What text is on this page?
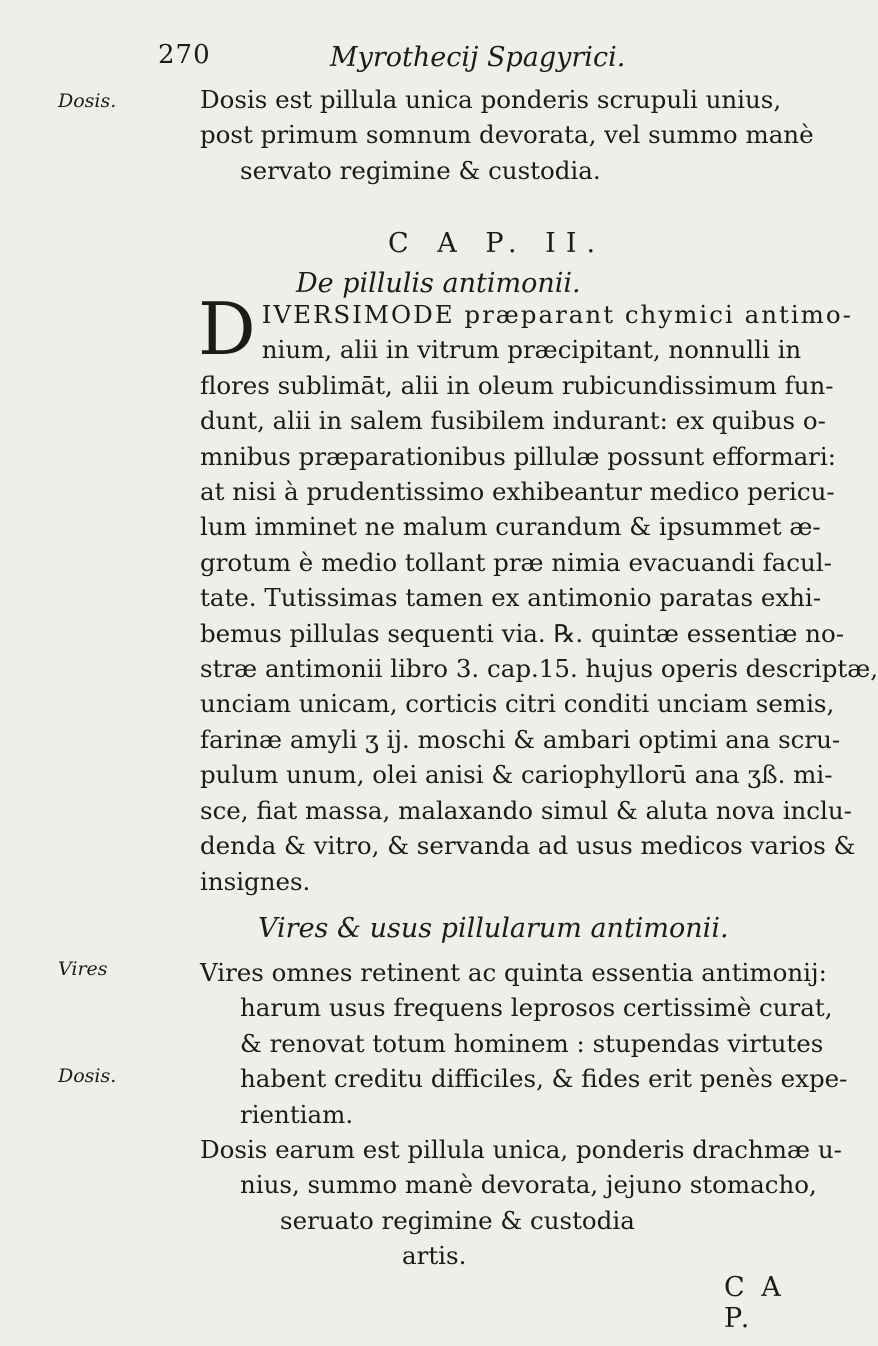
270	Myrothecij Spagyrici.
Dosis.
Vires
Dosis.
Dosis est pillula unica ponderis scrupuli unius,
post primum somnum devorata, vel summo manè
servato regimine & custodia.
C A P. II.
De pillulis antimonii.
D IVERSIMODE præparant chymici antimo-
nium, alii in vitrum præcipitant, nonnulli in
flores sublimāt, alii in oleum rubicundissimum fun-
dunt, alii in salem fusibilem indurant: ex quibus o-
mnibus præparationibus pillulæ possunt efformari:
at nisi à prudentissimo exhibeantur medico pericu-
lum imminet ne malum curandum & ipsummet æ-
grotum è medio tollant præ nimia evacuandi facul-
tate. Tutissimas tamen ex antimonio paratas exhi-
bemus pillulas sequenti via. ℞. quintæ essentiæ no-
stræ antimonii libro 3. cap.15. hujus operis descriptæ,
unciam unicam, corticis citri conditi unciam semis,
farinæ amyli ʒ ij. moschi & ambari optimi ana scru-
pulum unum, olei anisi & cariophyllorū ana ʒß. mi-
sce, fiat massa, malaxando simul & aluta nova inclu-
denda & vitro, & servanda ad usus medicos varios &
insignes.
Vires & usus pillularum antimonii.
Vires omnes retinent ac quinta essentia antimonij:
harum usus frequens leprosos certissimè curat,
& renovat totum hominem : stupendas virtutes
habent creditu difficiles, & fides erit penès expe-
rientiam.
Dosis earum est pillula unica, ponderis drachmæ u-
nius, summo manè devorata, jejuno stomacho,
seruato regimine & custodia
artis.
C A P.
